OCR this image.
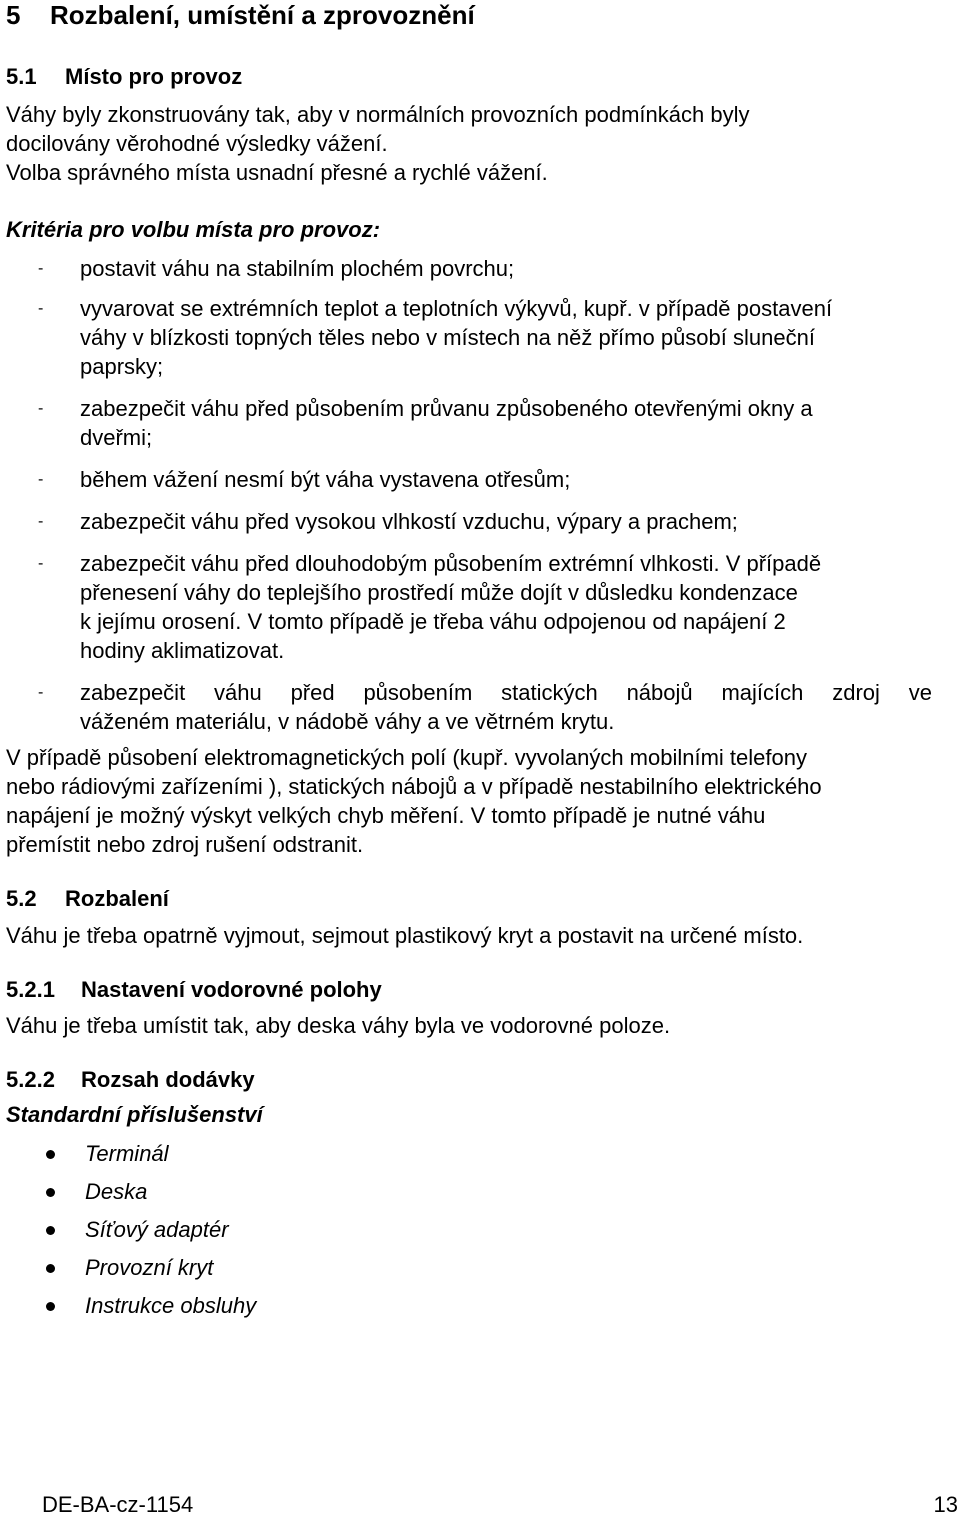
5 Rozbalení, umístění a zprovoznění
5.1 Místo pro provoz
Váhy byly zkonstruovány tak, aby v normálních provozních podmínkách byly
docilovány věrohodné výsledky vážení.
Volba správného místa usnadní přesné a rychlé vážení.
Kritéria pro volbu místa pro provoz:
- postavit váhu na stabilním plochém povrchu;
- vyvarovat se extrémních teplot a teplotních výkyvů, kupř. v případě postavení
váhy v blízkosti topných těles nebo v místech na něž přímo působí sluneční
paprsky;
- zabezpečit váhu před působením průvanu způsobeného otevřenými okny a
dveřmi;
- během vážení nesmí být váha vystavena otřesům;
- zabezpečit váhu před vysokou vlhkostí vzduchu, výpary a prachem;
- zabezpečit váhu před dlouhodobým působením extrémní vlhkosti. V případě
přenesení váhy do teplejšího prostředí může dojít v důsledku kondenzace
k jejímu orosení. V tomto případě je třeba váhu odpojenou od napájení 2
hodiny aklimatizovat.
- zabezpečit váhu před působením statických nábojů majících zdroj ve
váženém materiálu, v nádobě váhy a ve větrném krytu.
V případě působení elektromagnetických polí (kupř. vyvolaných mobilními telefony
nebo rádiovými zařízeními ), statických nábojů a v případě nestabilního elektrického
napájení je možný výskyt velkých chyb měření. V tomto případě je nutné váhu
přemístit nebo zdroj rušení odstranit.
5.2 Rozbalení
Váhu je třeba opatrně vyjmout, sejmout plastikový kryt a postavit na určené místo.
5.2.1 Nastavení vodorovné polohy
Váhu je třeba umístit tak, aby deska váhy byla ve vodorovné poloze.
5.2.2 Rozsah dodávky
Standardní příslušenství
Terminál
Deska
Síťový adaptér
Provozní kryt
Instrukce obsluhy
DE-BA-cz-1154	13
